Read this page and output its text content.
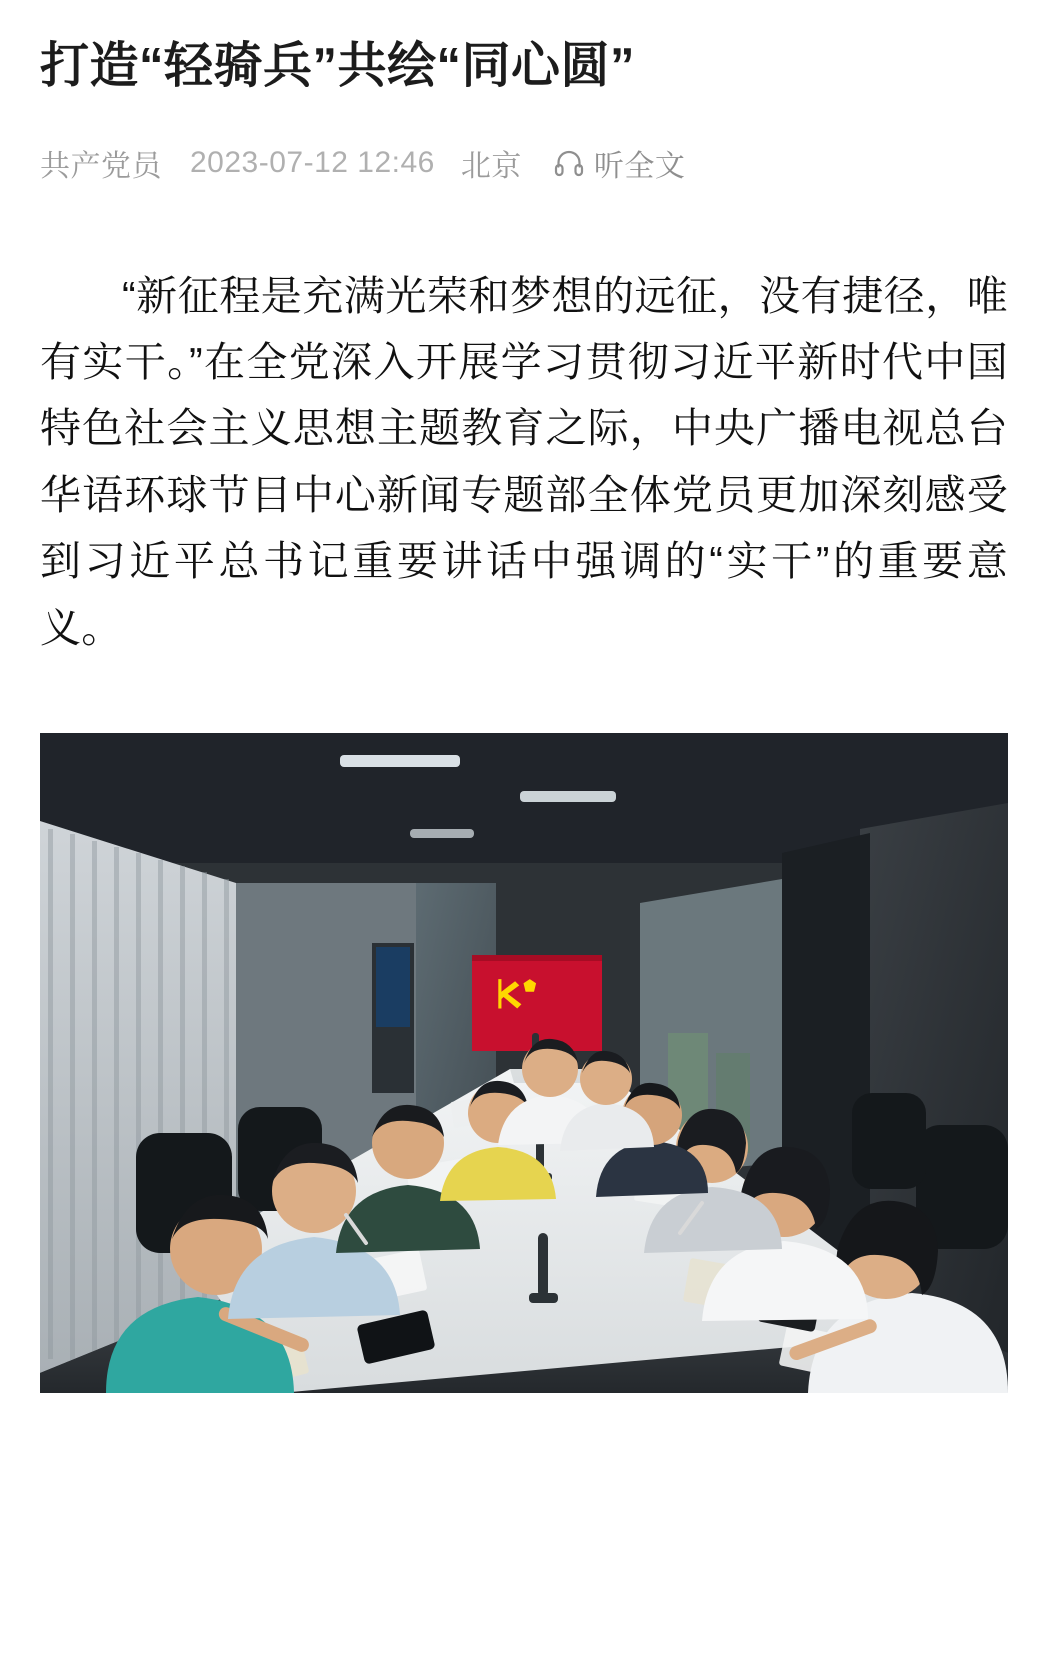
打造“轻骑兵”共绘“同心圆”
共产党员 2023-07-12 12:46 北京 听全文

“新征程是充满光荣和梦想的远征，没有捷径，唯有实干。”在全党深入开展学习贯彻习近平新时代中国特色社会主义思想主题教育之际，中央广播电视总台华语环球节目中心新闻专题部全体党员更加深刻感受到习近平总书记重要讲话中强调的“实干”的重要意义。
